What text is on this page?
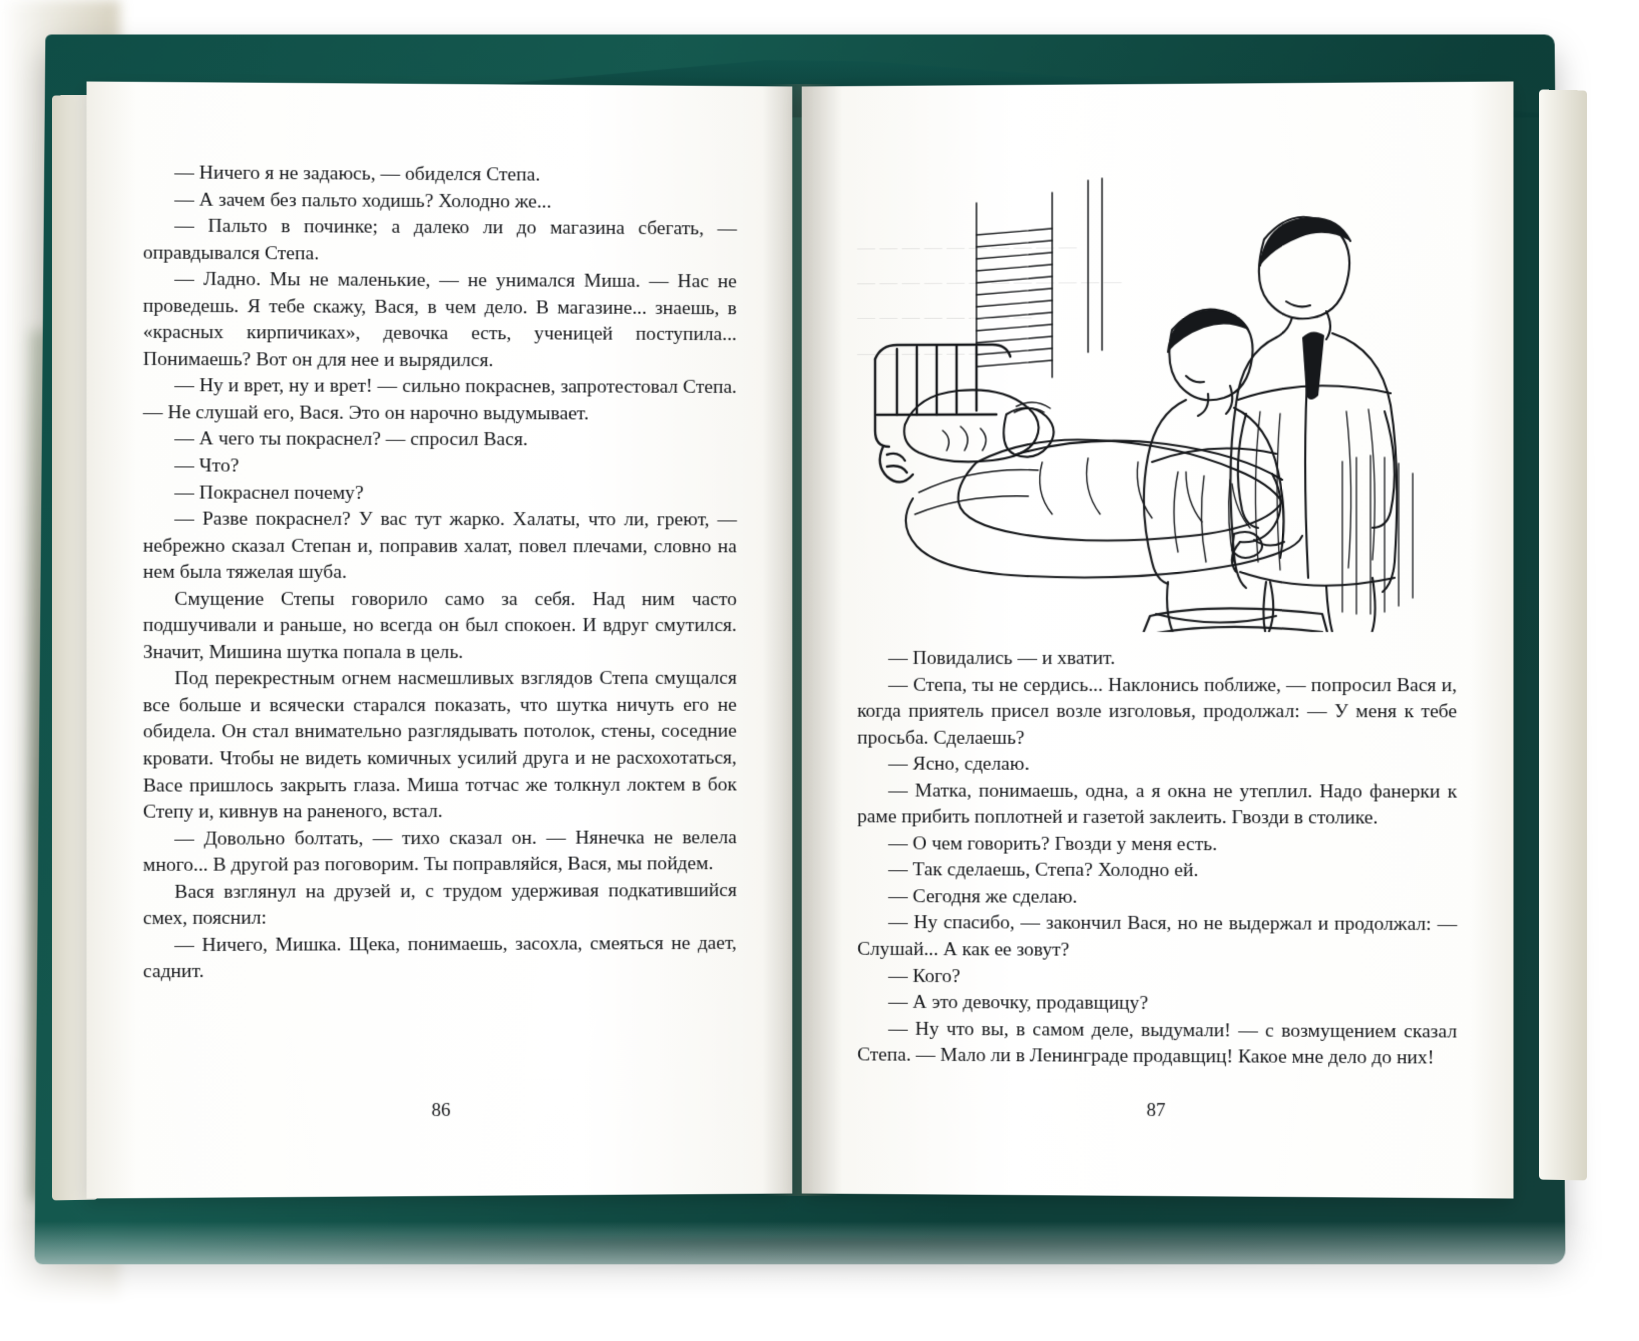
— Ничего я не задаюсь, — обиделся Степа.

— А зачем без пальто ходишь? Холодно же...

— Пальто в починке; а далеко ли до магазина сбегать, — оправдывался Степа.

— Ладно. Мы не маленькие, — не унимался Миша. — Нас не проведешь. Я тебе скажу, Вася, в чем дело. В магазине... знаешь, в «красных кирпичиках», девочка есть, ученицей поступила... Понимаешь? Вот он для нее и вырядился.

— Ну и врет, ну и врет! — сильно покраснев, запротестовал Степа. — Не слушай его, Вася. Это он нарочно выдумывает.

— А чего ты покраснел? — спросил Вася.

— Что?

— Покраснел почему?

— Разве покраснел? У вас тут жарко. Халаты, что ли, греют, — небрежно сказал Степан и, поправив халат, повел плечами, словно на нем была тяжелая шуба.

Смущение Степы говорило само за себя. Над ним часто подшучивали и раньше, но всегда он был спокоен. И вдруг смутился. Значит, Мишина шутка попала в цель.

Под перекрестным огнем насмешливых взглядов Степа смущался все больше и всячески старался показать, что шутка ничуть его не обидела. Он стал внимательно разглядывать потолок, стены, соседние кровати. Чтобы не видеть комичных усилий друга и не расхохотаться, Васе пришлось закрыть глаза. Миша тотчас же толкнул локтем в бок Степу и, кивнув на раненого, встал.

— Довольно болтать, — тихо сказал он. — Нянечка не велела много... В другой раз поговорим. Ты поправляйся, Вася, мы пойдем.

Вася взглянул на друзей и, с трудом удерживая подкатившийся смех, пояснил:

— Ничего, Мишка. Щека, понимаешь, засохла, смеяться не дает, саднит.

86
— — — — — — — — — —
— — — — — — — — — — — —
— — — — — — — —
— — — — — — —

— Повидались — и хватит.

— Степа, ты не сердись... Наклонись поближе, — попросил Вася и, когда приятель присел возле изголовья, продолжал: — У меня к тебе просьба. Сделаешь?

— Ясно, сделаю.

— Матка, понимаешь, одна, а я окна не утеплил. Надо фанерки к раме прибить поплотней и газетой заклеить. Гвозди в столике.

— О чем говорить? Гвозди у меня есть.

— Так сделаешь, Степа? Холодно ей.

— Сегодня же сделаю.

— Ну спасибо, — закончил Вася, но не выдержал и продолжал: — Слушай... А как ее зовут?

— Кого?

— А это девочку, продавщицу?

— Ну что вы, в самом деле, выдумали! — с возмущением сказал Степа. — Мало ли в Ленинграде продавщиц! Какое мне дело до них!

87
